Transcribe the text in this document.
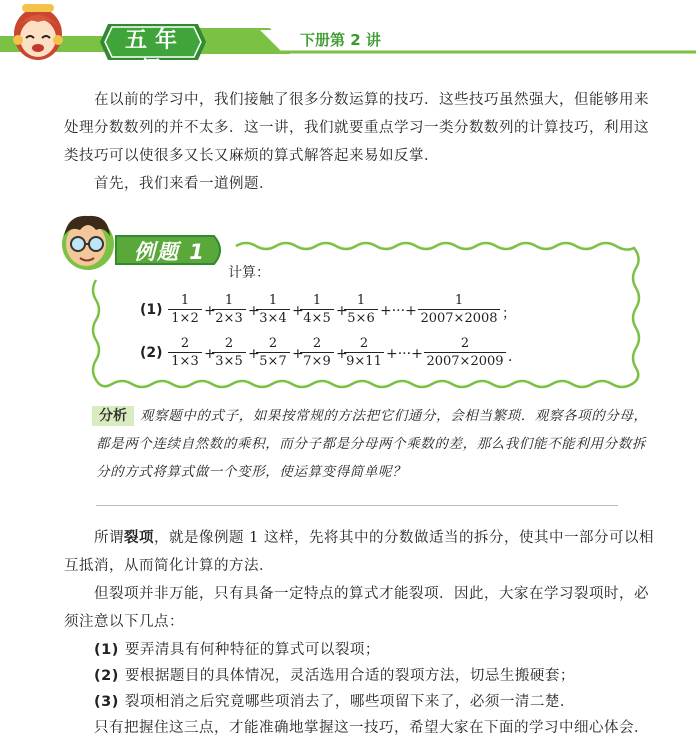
五年级
下册第 2 讲

在以前的学习中，我们接触了很多分数运算的技巧．这些技巧虽然强大，但能够用来处理分数数列的并不太多．这一讲，我们就要重点学习一类分数数列的计算技巧，利用这类技巧可以使很多又长又麻烦的算式解答起来易如反掌．

首先，我们来看一道例题．

例题 1
计算：
$(1) \frac{1}{1\times 2}$ +
$\frac{1}{2\times 3}$ +
$\frac{1}{3\times 4}$ +
$\frac{1}{4\times 5}$ +
$\frac{1}{5\times 6}$ +···+ $\frac{1}{2007\times 2008}$ ；
$(2) \frac{2}{1\times 3}$ +
$\frac{2}{3\times 5}$ +
$\frac{2}{5\times 7}$ +
$\frac{2}{7\times 9}$ +
$\frac{2}{9\times 11}$ +···+ $\frac{2}{2007\times 2009}$ ．

观察题中的式子，如果按常规的方法把它们通分，会相当繁琐．观察各项的分母，都是两个连续自然数的乘积，而分子都是分母两个乘数的差，那么我们能不能利用分数拆分的方式将算式做一个变形，使运算变得简单呢？

分析

所谓裂项，就是像例题 1 这样，先将其中的分数做适当的拆分，使其中一部分可以相互抵消，从而简化计算的方法．

但裂项并非万能，只有具备一定特点的算式才能裂项．因此，大家在学习裂项时，必须注意以下几点：

(1) 要弄清具有何种特征的算式可以裂项；

(2) 要根据题目的具体情况，灵活选用合适的裂项方法，切忌生搬硬套；

(3) 裂项相消之后究竟哪些项消去了，哪些项留下来了，必须一清二楚．

只有把握住这三点，才能准确地掌握这一技巧，希望大家在下面的学习中细心体会．
